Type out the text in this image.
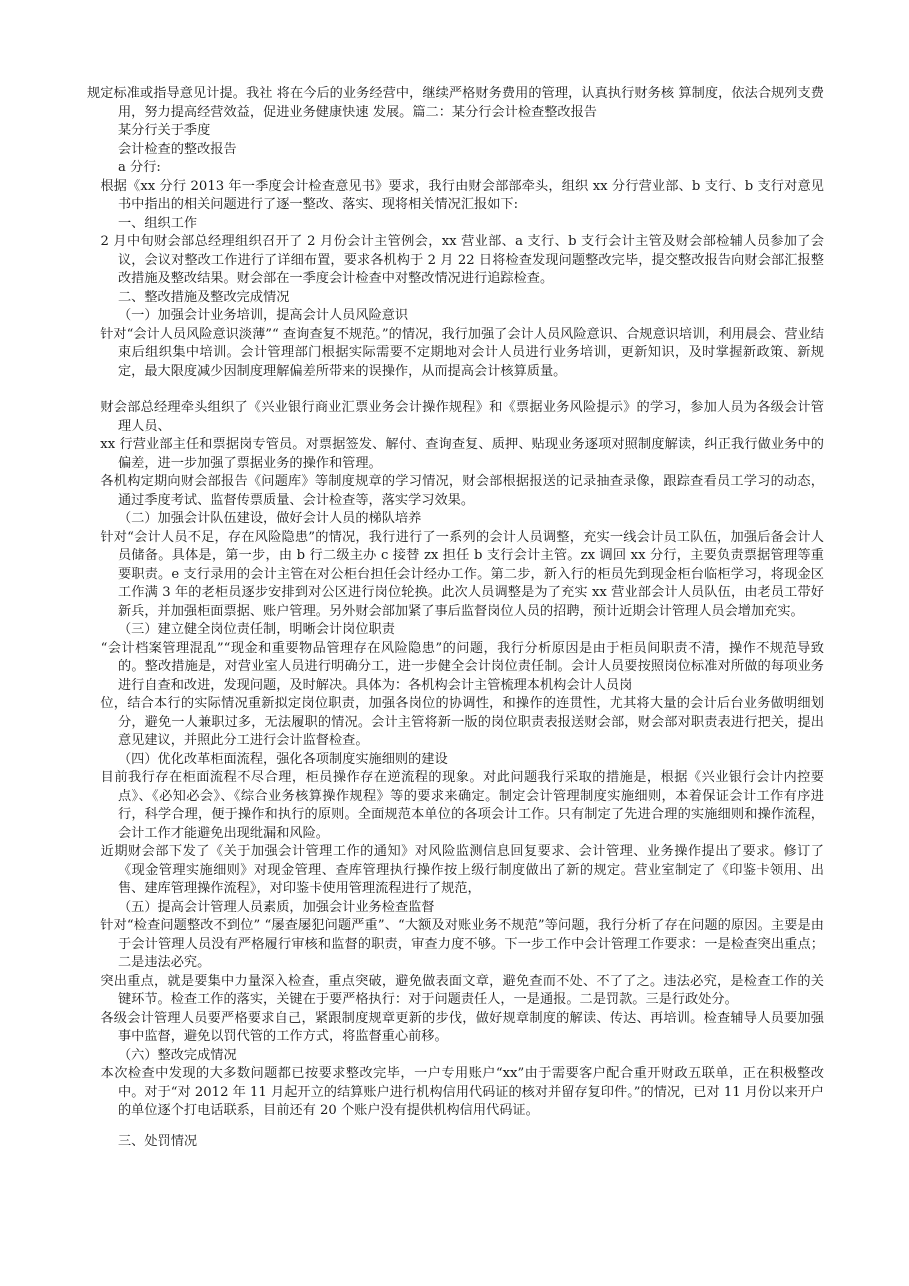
规定标准或指导意见计提。我社 将在今后的业务经营中，继续严格财务费用的管理，认真执行财务核 算制度，依法合规列支费用，努力提高经营效益，促进业务健康快速 发展。篇二：某分行会计检查整改报告
某分行关于季度
会计检查的整改报告
a 分行:
　根据《xx 分行 2013 年一季度会计检查意见书》要求，我行由财会部部牵头，组织 xx 分行营业部、b 支行、b 支行对意见书中指出的相关问题进行了逐一整改、落实、现将相关情况汇报如下:
一、组织工作
　2 月中旬财会部总经理组织召开了 2 月份会计主管例会，xx 营业部、a 支行、b 支行会计主管及财会部检辅人员参加了会议，会议对整改工作进行了详细布置，要求各机构于 2 月 22 日将检查发现问题整改完毕，提交整改报告向财会部汇报整改措施及整改结果。财会部在一季度会计检查中对整改情况进行追踪检查。
二、整改措施及整改完成情况
（一）加强会计业务培训，提高会计人员风险意识
　针对“会计人员风险意识淡薄”“ 查询查复不规范。”的情况，我行加强了会计人员风险意识、合规意识培训，利用晨会、营业结束后组织集中培训。会计管理部门根据实际需要不定期地对会计人员进行业务培训，更新知识，及时掌握新政策、新规定，最大限度减少因制度理解偏差所带来的误操作，从而提高会计核算质量。
　财会部总经理牵头组织了《兴业银行商业汇票业务会计操作规程》和《票据业务风险提示》的学习，参加人员为各级会计管理人员、
　xx 行营业部主任和票据岗专管员。对票据签发、解付、查询查复、质押、贴现业务逐项对照制度解读，纠正我行做业务中的偏差，进一步加强了票据业务的操作和管理。
　各机构定期向财会部报告《问题库》等制度规章的学习情况，财会部根据报送的记录抽查录像，跟踪查看员工学习的动态，通过季度考试、监督传票质量、会计检查等，落实学习效果。
（二）加强会计队伍建设，做好会计人员的梯队培养
　针对“会计人员不足，存在风险隐患”的情况，我行进行了一系列的会计人员调整，充实一线会计员工队伍，加强后备会计人员储备。具体是，第一步，由 b 行二级主办 c 接替 zx 担任 b 支行会计主管。zx 调回 xx 分行，主要负责票据管理等重要职责。e 支行录用的会计主管在对公柜台担任会计经办工作。第二步，新入行的柜员先到现金柜台临柜学习，将现金区工作满 3 年的老柜员逐步安排到对公区进行岗位轮换。此次人员调整是为了充实 xx 营业部会计人员队伍，由老员工带好新兵，并加强柜面票据、账户管理。另外财会部加紧了事后监督岗位人员的招聘，预计近期会计管理人员会增加充实。
（三）建立健全岗位责任制，明晰会计岗位职责
　“会计档案管理混乱”“现金和重要物品管理存在风险隐患”的问题，我行分析原因是由于柜员间职责不清，操作不规范导致的。整改措施是，对营业室人员进行明确分工，进一步健全会计岗位责任制。会计人员要按照岗位标准对所做的每项业务进行自查和改进，发现问题，及时解决。具体为：各机构会计主管梳理本机构会计人员岗
　位，结合本行的实际情况重新拟定岗位职责，加强各岗位的协调性，和操作的连贯性，尤其将大量的会计后台业务做明细划分，避免一人兼职过多，无法履职的情况。会计主管将新一版的岗位职责表报送财会部，财会部对职责表进行把关，提出意见建议，并照此分工进行会计监督检查。
（四）优化改革柜面流程，强化各项制度实施细则的建设
　目前我行存在柜面流程不尽合理，柜员操作存在逆流程的现象。对此问题我行采取的措施是，根据《兴业银行会计内控要点》、《必知必会》、《综合业务核算操作规程》等的要求来确定。制定会计管理制度实施细则，本着保证会计工作有序进行，科学合理，便于操作和执行的原则。全面规范本单位的各项会计工作。只有制定了先进合理的实施细则和操作流程，会计工作才能避免出现纰漏和风险。
　近期财会部下发了《关于加强会计管理工作的通知》对风险监测信息回复要求、会计管理、业务操作提出了要求。修订了《现金管理实施细则》对现金管理、查库管理执行操作按上级行制度做出了新的规定。营业室制定了《印鉴卡领用、出售、建库管理操作流程》，对印鉴卡使用管理流程进行了规范，
（五）提高会计管理人员素质，加强会计业务检查监督
　针对“检查问题整改不到位” “屡查屡犯问题严重”、“大额及对账业务不规范”等问题，我行分析了存在问题的原因。主要是由于会计管理人员没有严格履行审核和监督的职责，审查力度不够。下一步工作中会计管理工作要求：一是检查突出重点；二是违法必究。
　突出重点，就是要集中力量深入检查，重点突破，避免做表面文章，避免查而不处、不了了之。违法必究，是检查工作的关键环节。检查工作的落实，关键在于要严格执行：对于问题责任人，一是通报。二是罚款。三是行政处分。
　各级会计管理人员要严格要求自己，紧跟制度规章更新的步伐，做好规章制度的解读、传达、再培训。检查辅导人员要加强事中监督，避免以罚代管的工作方式，将监督重心前移。
（六）整改完成情况
　本次检查中发现的大多数问题都已按要求整改完毕，一户专用账户“xx”由于需要客户配合重开财政五联单，正在积极整改中。对于“对 2012 年 11 月起开立的结算账户进行机构信用代码证的核对并留存复印件。”的情况，已对 11 月份以来开户的单位逐个打电话联系，目前还有 20 个账户没有提供机构信用代码证。
三、处罚情况
